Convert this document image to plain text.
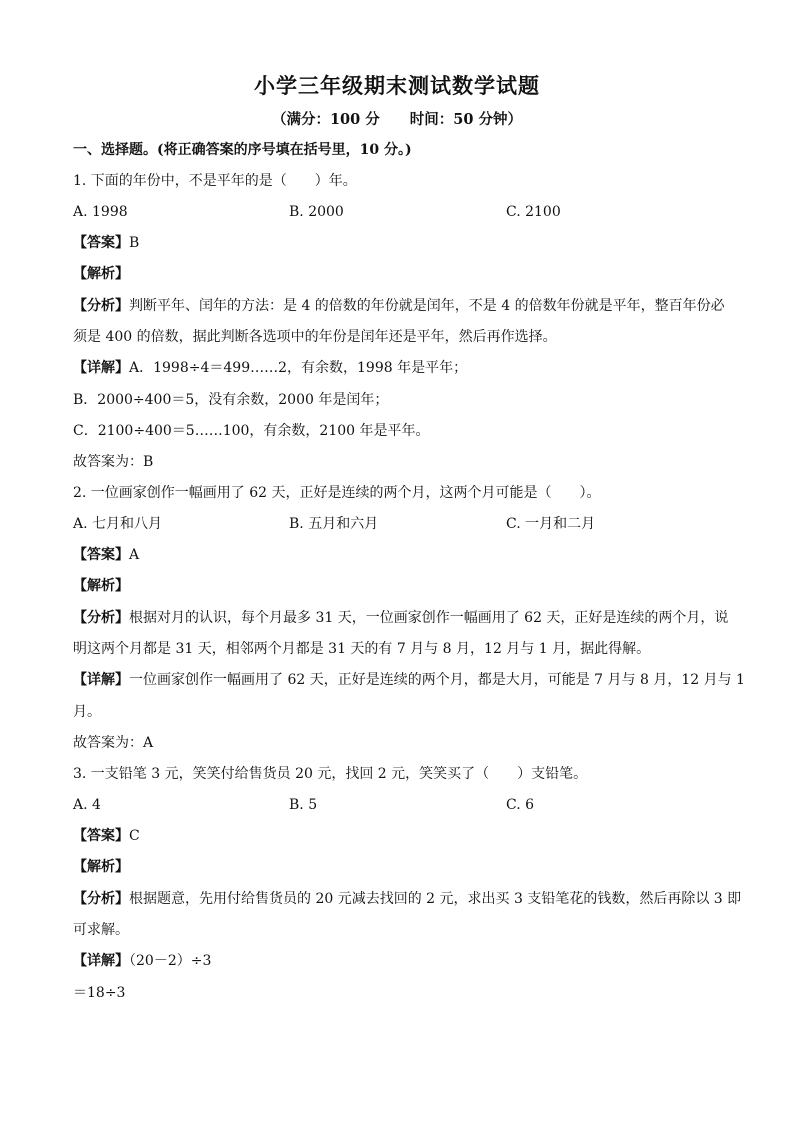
小学三年级期末测试数学试题
（满分：100 分 时间：50 分钟）
一、选择题。(将正确答案的序号填在括号里，10 分。)
1. 下面的年份中，不是平年的是（　　）年。
A. 1998	B. 2000	C. 2100
【答案】B
【解析】
【分析】判断平年、闰年的方法：是 4 的倍数的年份就是闰年，不是 4 的倍数年份就是平年，整百年份必
须是 400 的倍数，据此判断各选项中的年份是闰年还是平年，然后再作选择。
【详解】A．1998÷4＝499……2，有余数，1998 年是平年；
B．2000÷400＝5，没有余数，2000 年是闰年；
C．2100÷400＝5……100，有余数，2100 年是平年。
故答案为：B
2. 一位画家创作一幅画用了 62 天，正好是连续的两个月，这两个月可能是（　　）。
A. 七月和八月	B. 五月和六月	C. 一月和二月
【答案】A
【解析】
【分析】根据对月的认识，每个月最多 31 天，一位画家创作一幅画用了 62 天，正好是连续的两个月，说
明这两个月都是 31 天，相邻两个月都是 31 天的有 7 月与 8 月，12 月与 1 月，据此得解。
【详解】一位画家创作一幅画用了 62 天，正好是连续的两个月，都是大月，可能是 7 月与 8 月，12 月与 1
月。
故答案为：A
3. 一支铅笔 3 元，笑笑付给售货员 20 元，找回 2 元，笑笑买了（　　）支铅笔。
A. 4	B. 5	C. 6
【答案】C
【解析】
【分析】根据题意，先用付给售货员的 20 元减去找回的 2 元，求出买 3 支铅笔花的钱数，然后再除以 3 即
可求解。
【详解】（20－2）÷3
＝18÷3
